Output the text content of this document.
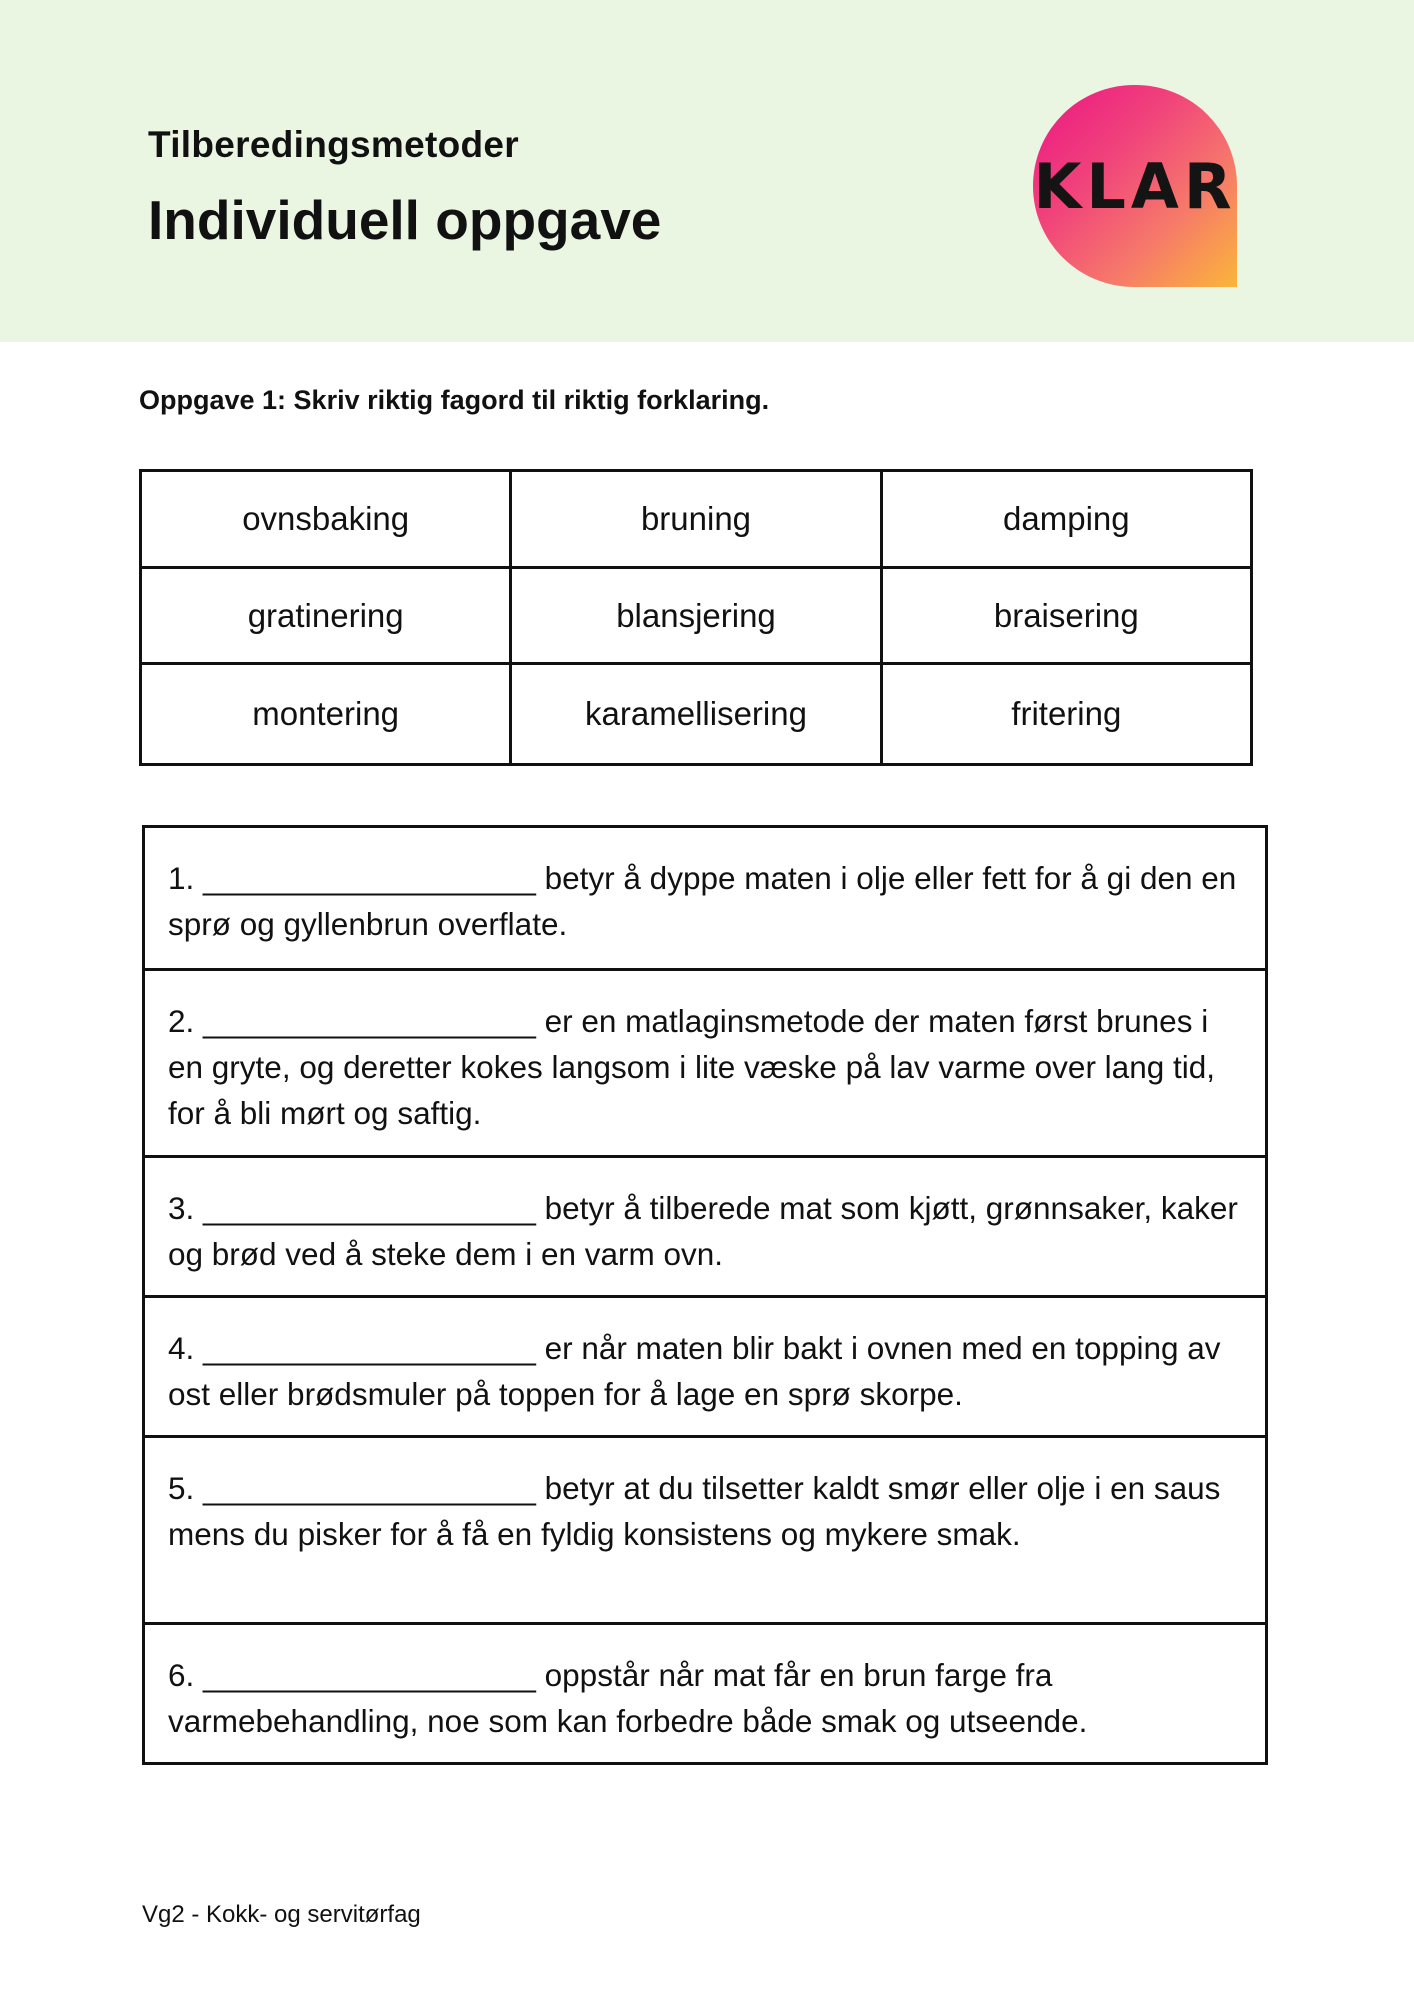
Tilberedingsmetoder
Individuell oppgave	KLAR
Oppgave 1: Skriv riktig fagord til riktig forklaring.
ovnsbaking	bruning	damping
gratinering	blansjering	braisering
montering	karamellisering	fritering
1. ___________________ betyr å dyppe maten i olje eller fett for å gi den en sprø og gyllenbrun overflate.
2. ___________________ er en matlaginsmetode der maten først brunes i en gryte, og deretter kokes langsom i lite væske på lav varme over lang tid, for å bli mørt og saftig.
3. ___________________ betyr å tilberede mat som kjøtt, grønnsaker, kaker og brød ved å steke dem i en varm ovn.
4. ___________________ er når maten blir bakt i ovnen med en topping av ost eller brødsmuler på toppen for å lage en sprø skorpe.
5. ___________________ betyr at du tilsetter kaldt smør eller olje i en saus mens du pisker for å få en fyldig konsistens og mykere smak.
6. ___________________ oppstår når mat får en brun farge fra varmebehandling, noe som kan forbedre både smak og utseende.
Vg2 - Kokk- og servitørfag
